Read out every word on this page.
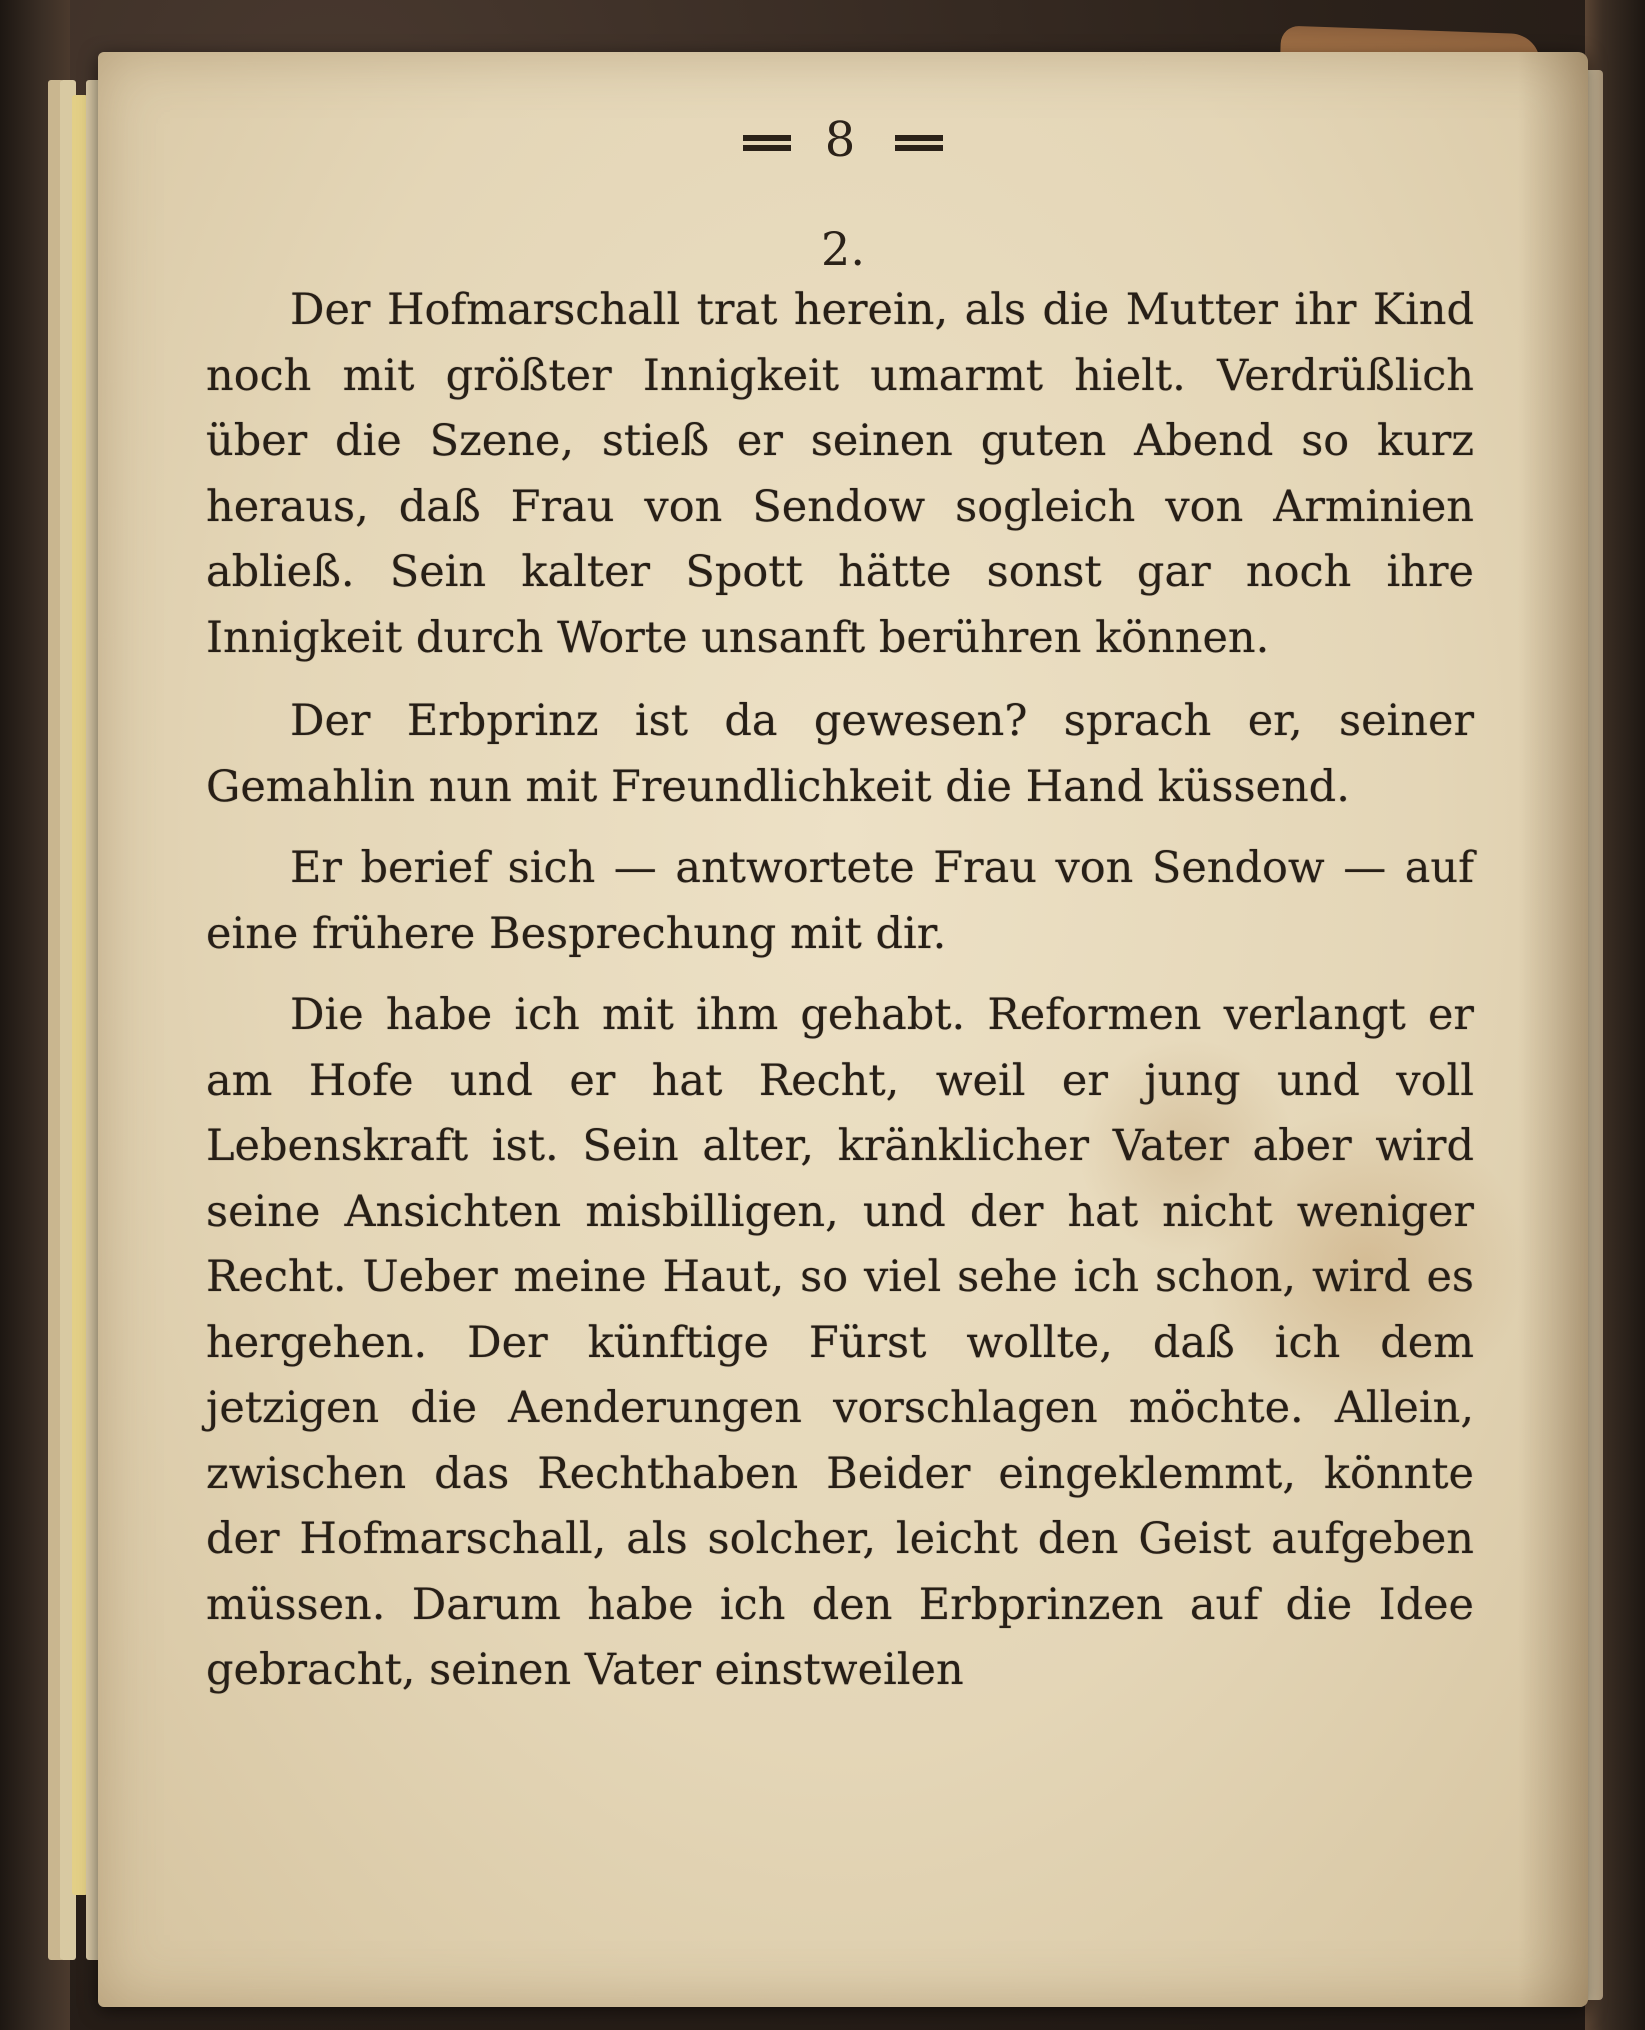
8
2.

Der Hofmarschall trat herein, als die Mutter ihr Kind noch mit größter Innigkeit umarmt hielt. Verdrüßlich über die Szene, stieß er seinen guten Abend so kurz heraus, daß Frau von Sendow sogleich von Arminien abließ. Sein kalter Spott hätte sonst gar noch ihre Innigkeit durch Worte unsanft berühren können.

Der Erbprinz ist da gewesen? sprach er, seiner Gemahlin nun mit Freundlichkeit die Hand küssend.

Er berief sich — antwortete Frau von Sendow — auf eine frühere Besprechung mit dir.

Die habe ich mit ihm gehabt. Reformen verlangt er am Hofe und er hat Recht, weil er jung und voll Lebenskraft ist. Sein alter, kränklicher Vater aber wird seine Ansichten misbilligen, und der hat nicht weniger Recht. Ueber meine Haut, so viel sehe ich schon, wird es hergehen. Der künftige Fürst wollte, daß ich dem jetzigen die Aenderungen vorschlagen möchte. Allein, zwischen das Rechthaben Beider eingeklemmt, könnte der Hofmarschall, als solcher, leicht den Geist aufgeben müssen. Darum habe ich den Erbprinzen auf die Idee gebracht, seinen Vater einstweilen
